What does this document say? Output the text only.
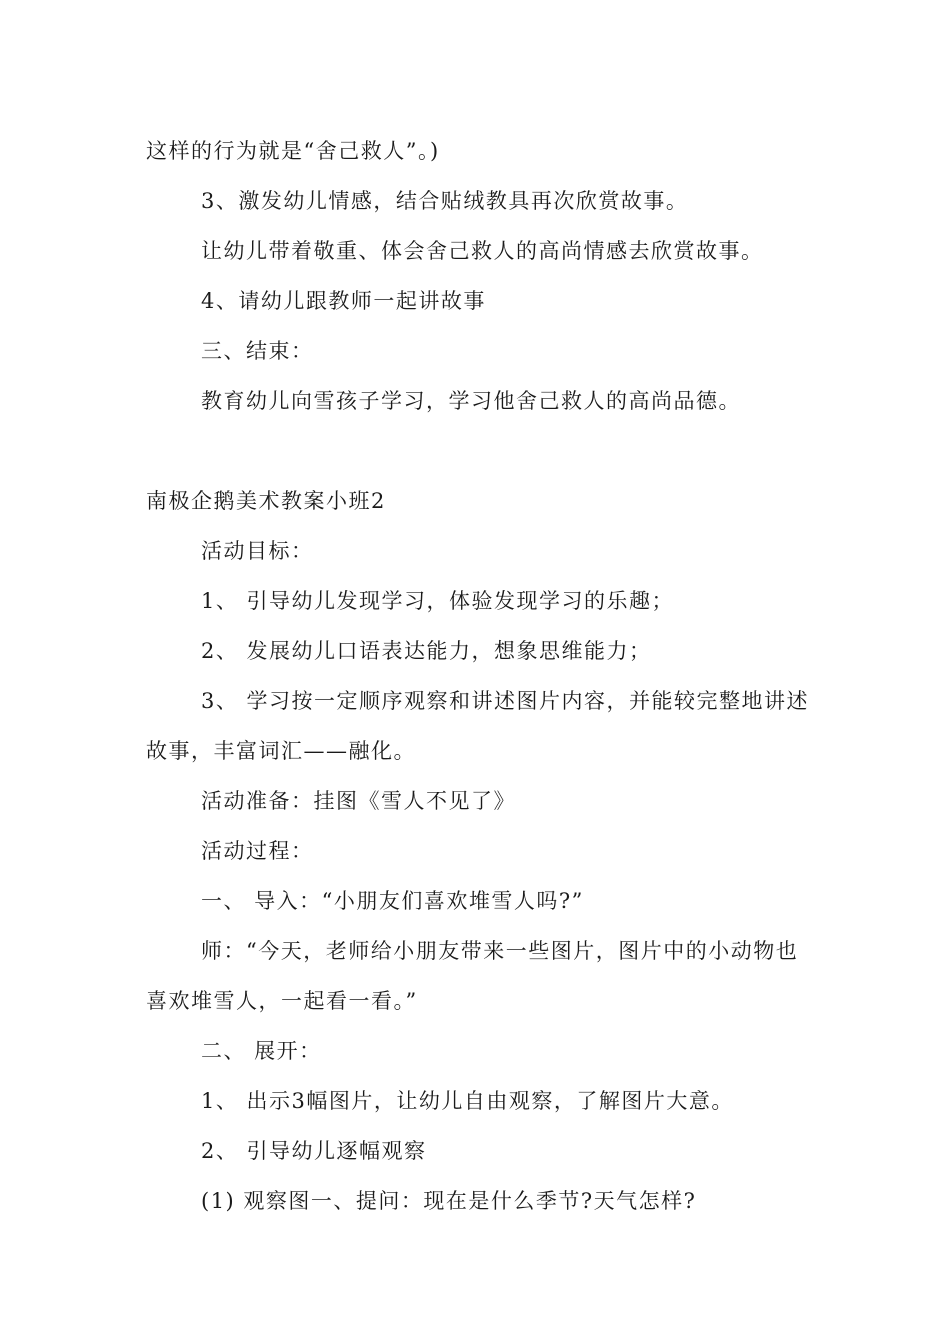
这样的行为就是“舍己救人”。)
3、激发幼儿情感，结合贴绒教具再次欣赏故事。
让幼儿带着敬重、体会舍己救人的高尚情感去欣赏故事。
4、请幼儿跟教师一起讲故事
三、结束：
教育幼儿向雪孩子学习，学习他舍己救人的高尚品德。
南极企鹅美术教案小班2
活动目标：
1、 引导幼儿发现学习，体验发现学习的乐趣；
2、 发展幼儿口语表达能力，想象思维能力；
3、 学习按一定顺序观察和讲述图片内容，并能较完整地讲述
故事，丰富词汇——融化。
活动准备：挂图《雪人不见了》
活动过程：
一、 导入：“小朋友们喜欢堆雪人吗?”
师：“今天，老师给小朋友带来一些图片，图片中的小动物也
喜欢堆雪人，一起看一看。”
二、 展开：
1、 出示3幅图片，让幼儿自由观察，了解图片大意。
2、 引导幼儿逐幅观察
(1) 观察图一、提问：现在是什么季节?天气怎样?
